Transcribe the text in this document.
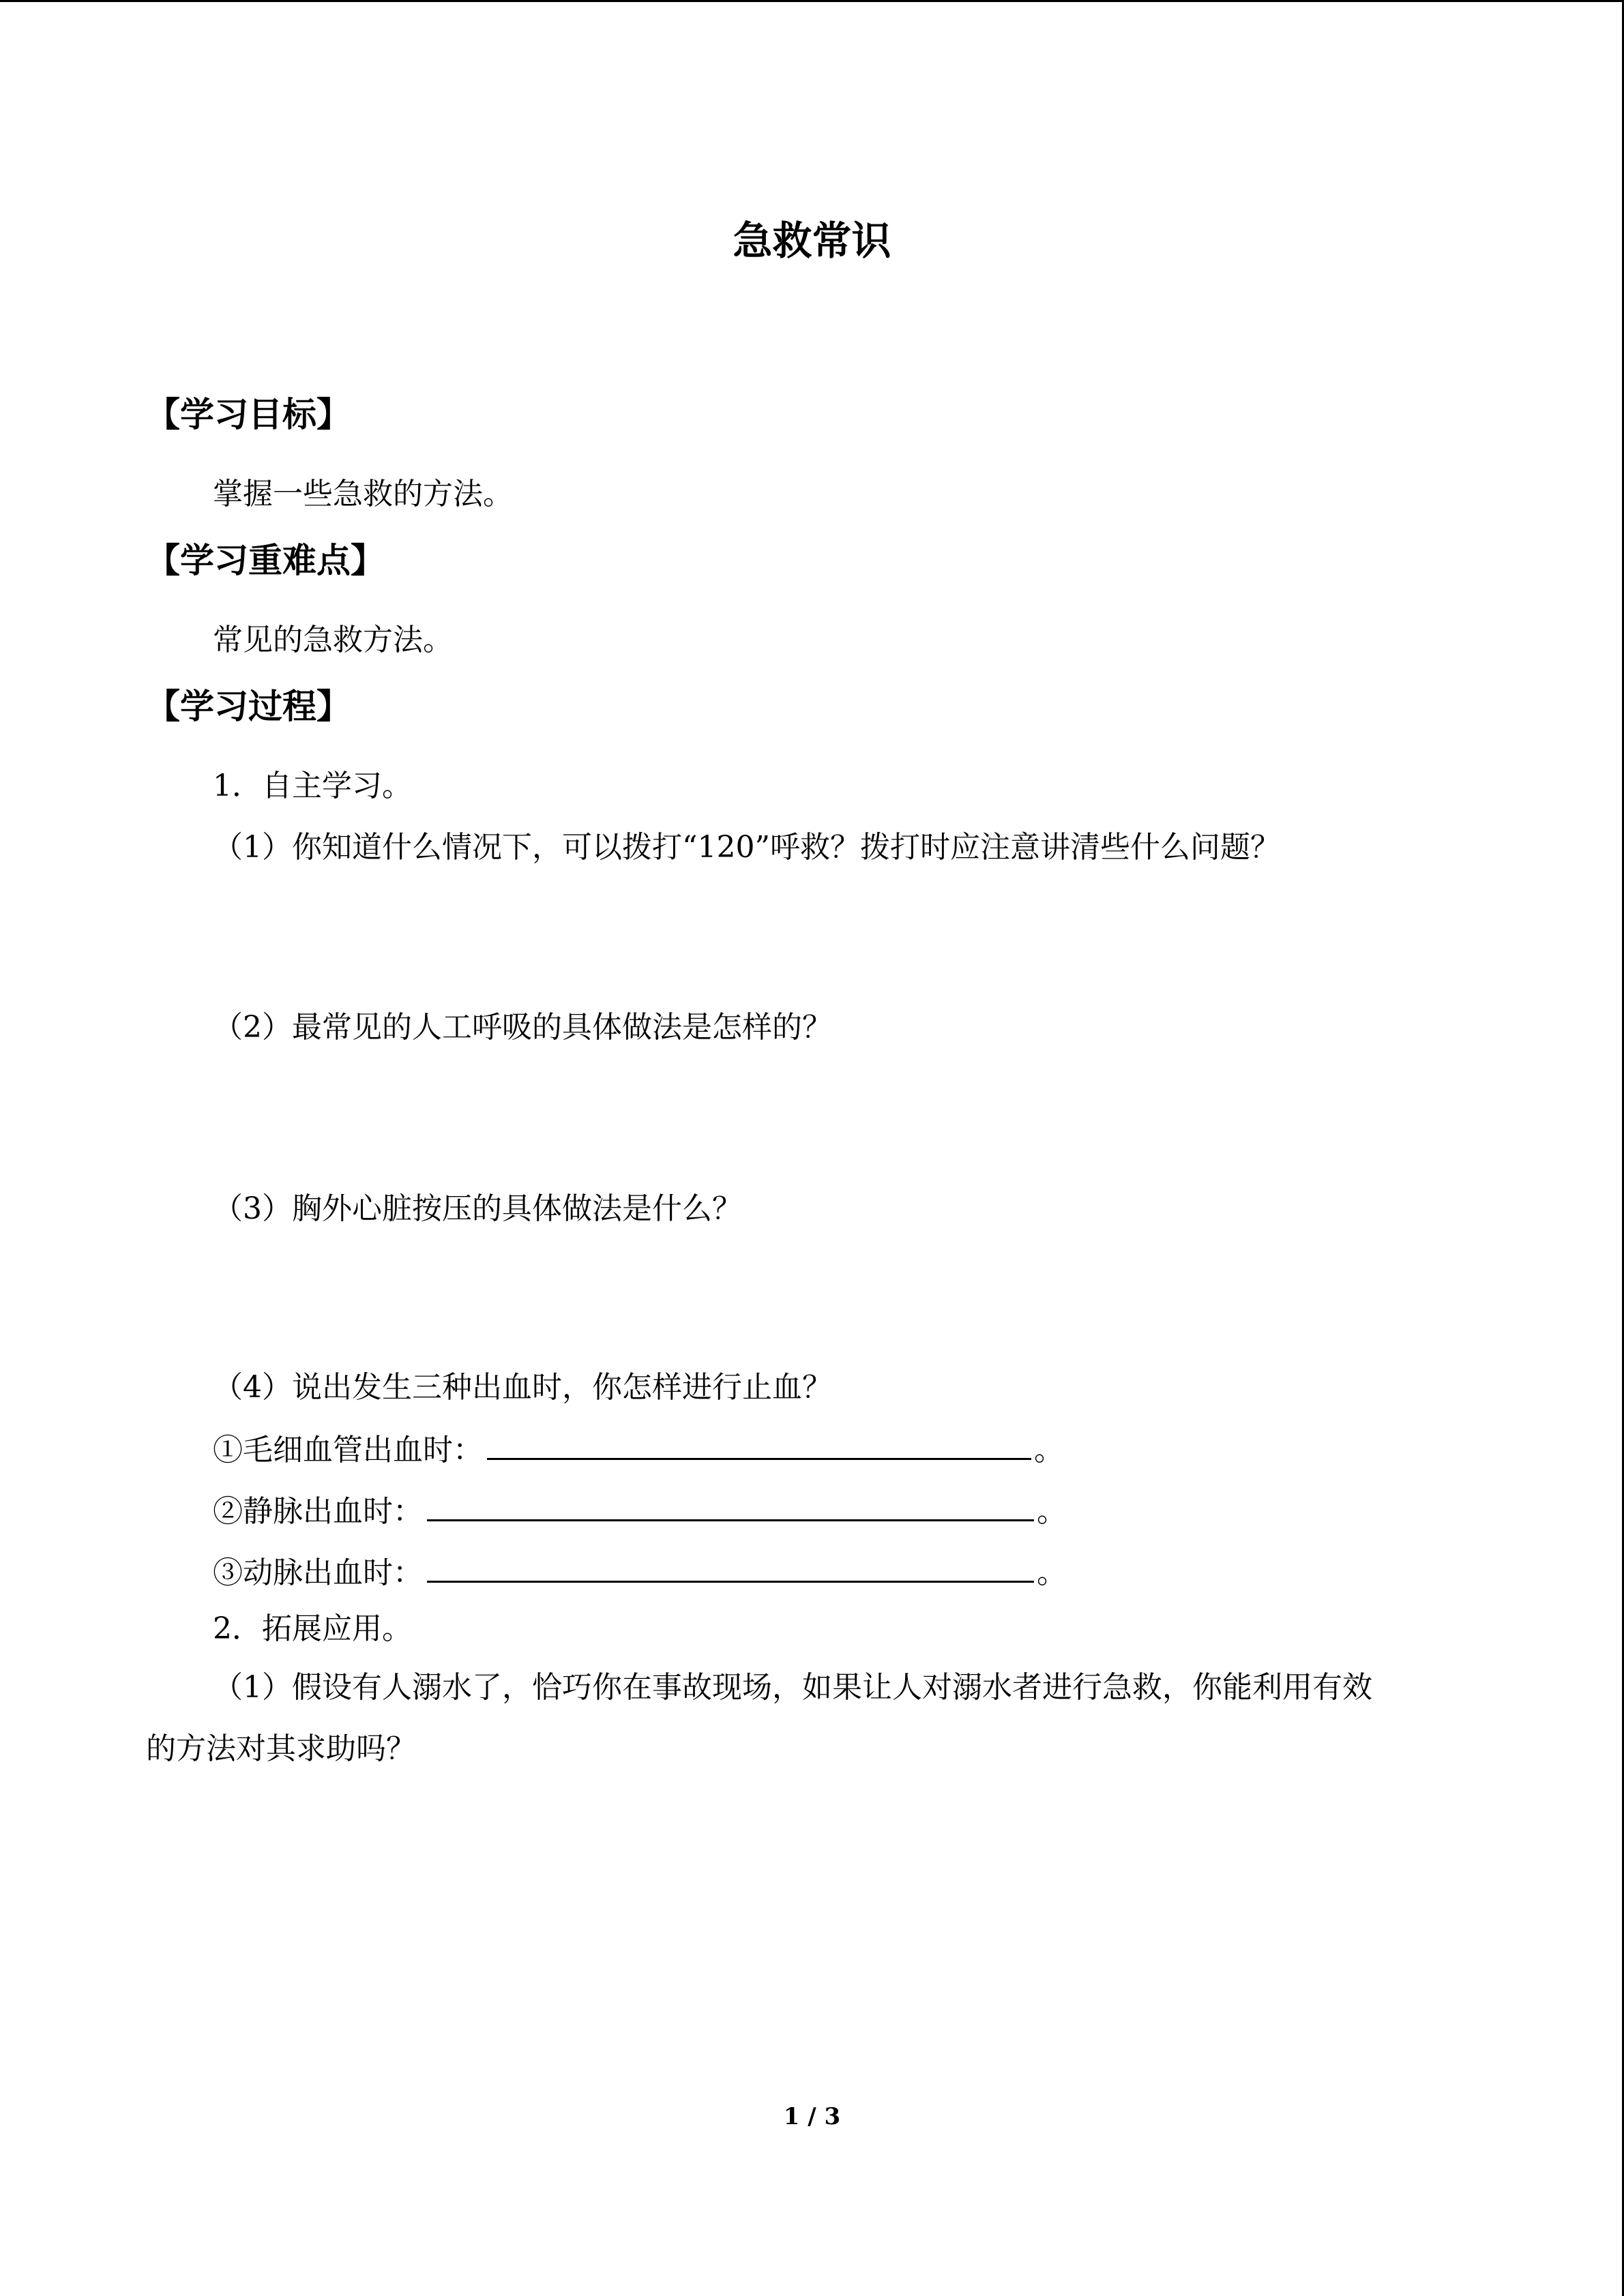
急救常识
【学习目标】

掌握一些急救的方法。

【学习重难点】

常见的急救方法。

【学习过程】

1．自主学习。

（1）你知道什么情况下，可以拨打“120”呼救？拨打时应注意讲清些什么问题？

（2）最常见的人工呼吸的具体做法是怎样的？

（3）胸外心脏按压的具体做法是什么？

（4）说出发生三种出血时，你怎样进行止血？

①毛细血管出血时：	。

②静脉出血时：	。

③动脉出血时：	。

2．拓展应用。

（1）假设有人溺水了，恰巧你在事故现场，如果让人对溺水者进行急救，你能利用有效

的方法对其求助吗？

1 / 3
